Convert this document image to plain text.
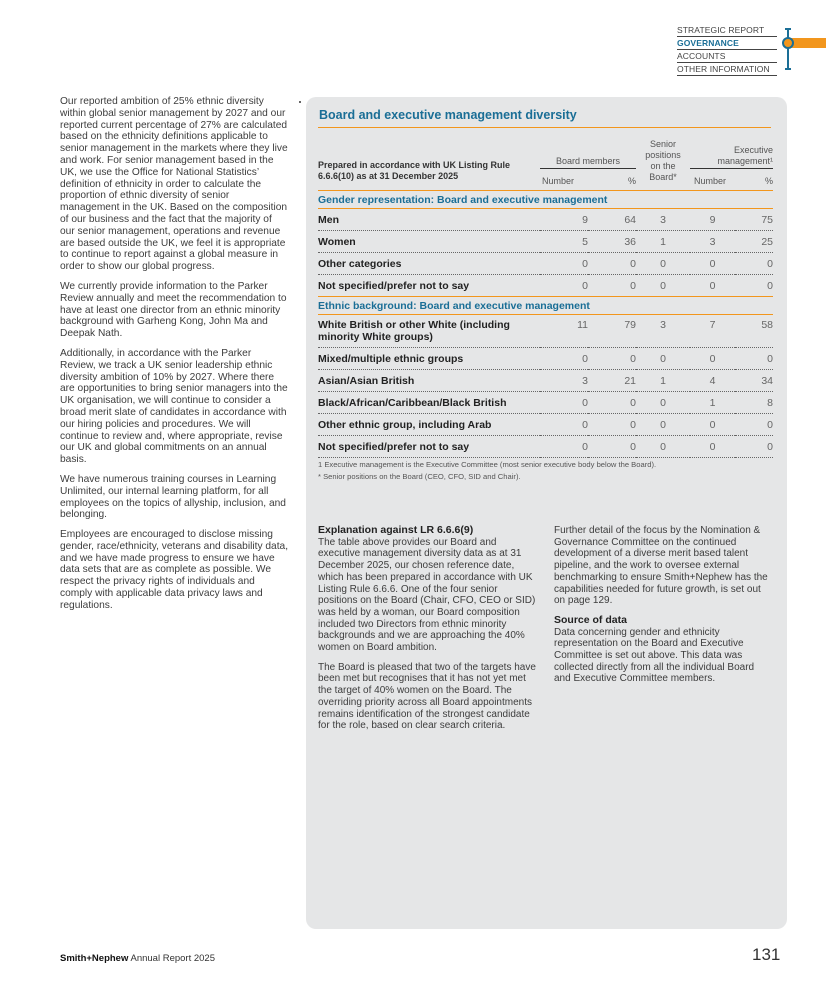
STRATEGIC REPORT
GOVERNANCE
ACCOUNTS
OTHER INFORMATION

Our reported ambition of 25% ethnic diversity within global senior management by 2027 and our reported current percentage of 27% are calculated based on the ethnicity definitions applicable to senior management in the markets where they live and work. For senior management based in the UK, we use the Office for National Statistics’ definition of ethnicity in order to calculate the proportion of ethnic diversity of senior management in the UK. Based on the composition of our business and the fact that the majority of our senior management, operations and revenue are based outside the UK, we feel it is appropriate to continue to report against a global measure in order to show our global progress.

We currently provide information to the Parker Review annually and meet the recommendation to have at least one director from an ethnic minority background with Garheng Kong, John Ma and Deepak Nath.

Additionally, in accordance with the Parker Review, we track a UK senior leadership ethnic diversity ambition of 10% by 2027. Where there are opportunities to bring senior managers into the UK organisation, we will continue to consider a broad merit slate of candidates in accordance with our hiring policies and procedures. We will continue to review and, where appropriate, revise our UK and global commitments on an annual basis.

We have numerous training courses in Learning Unlimited, our internal learning platform, for all employees on the topics of allyship, inclusion, and belonging.

Employees are encouraged to disclose missing gender, race/ethnicity, veterans and disability data, and we have made progress to ensure we have data sets that are as complete as possible. We respect the privacy rights of individuals and comply with applicable data privacy laws and regulations.

Board and executive management diversity
Prepared in accordance with UK Listing Rule 6.6.6(10) as at 31 December 2025	Board members		Senior positions on the Board*	Executive management¹	

	Number	%		Number	%

Gender representation: Board and executive management					
Men	9	64	3	9	75
Women	5	36	1	3	25
Other categories	0	0	0	0	0
Not specified/prefer not to say	0	0	0	0	0
Ethnic background: Board and executive management					
White British or other White (including minority White groups)	11	79	3	7	58
Mixed/multiple ethnic groups	0	0	0	0	0
Asian/Asian British	3	21	1	4	34
Black/African/Caribbean/Black British	0	0	0	1	8
Other ethnic group, including Arab	0	0	0	0	0
Not specified/prefer not to say	0	0	0	0	0
1 Executive management is the Executive Committee (most senior executive body below the Board).
* Senior positions on the Board (CEO, CFO, SID and Chair).
Explanation against LR 6.6.6(9)

The table above provides our Board and executive management diversity data as at 31 December 2025, our chosen reference date, which has been prepared in accordance with UK Listing Rule 6.6.6. One of the four senior positions on the Board (Chair, CFO, CEO or SID) was held by a woman, our Board composition included two Directors from ethnic minority backgrounds and we are approaching the 40% women on Board ambition.

The Board is pleased that two of the targets have been met but recognises that it has not yet met the target of 40% women on the Board. The overriding priority across all Board appointments remains identification of the strongest candidate for the role, based on clear search criteria.

Further detail of the focus by the Nomination & Governance Committee on the continued development of a diverse merit based talent pipeline, and the work to oversee external benchmarking to ensure Smith+Nephew has the capabilities needed for future growth, is set out on page 129.

Source of data

Data concerning gender and ethnicity representation on the Board and Executive Committee is set out above. This data was collected directly from all the individual Board and Executive Committee members.

Smith+Nephew Annual Report 2025	131
